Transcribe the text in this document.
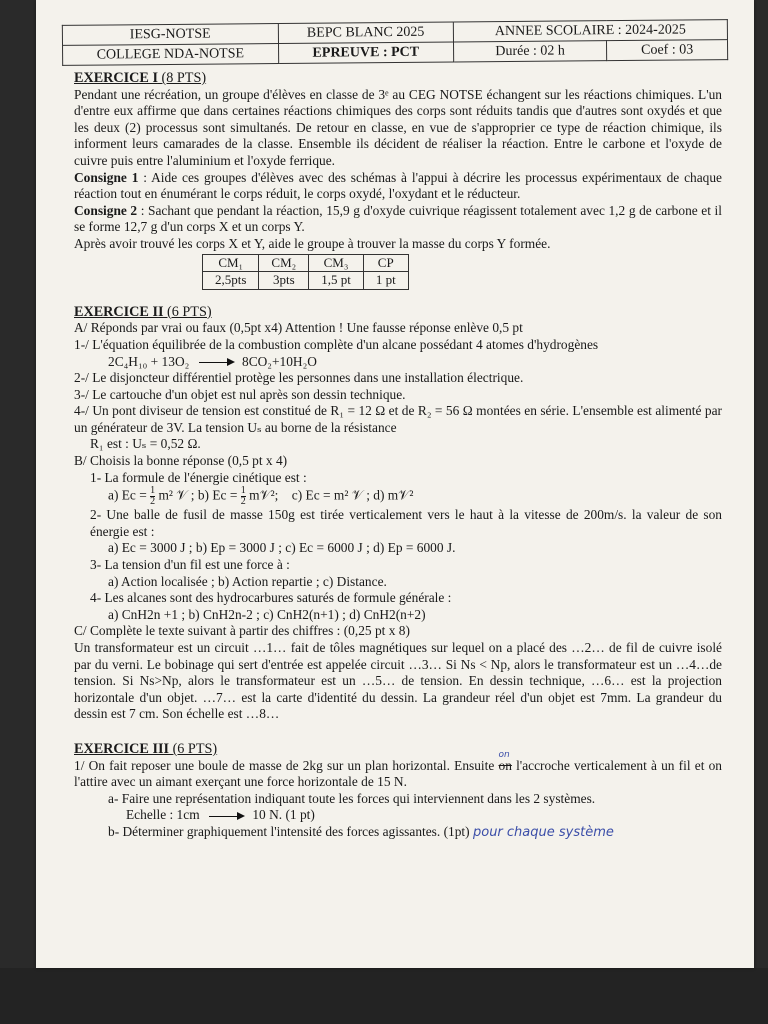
IESG-NOTSE	BEPC BLANC 2025	ANNEE SCOLAIRE : 2024-2025	
COLLEGE NDA-NOTSE	EPREUVE : PCT	Durée : 02 h	Coef : 03

EXERCICE I (8 PTS)

Pendant une récréation, un groupe d'élèves en classe de 3ᵉ au CEG NOTSE échangent sur les réactions chimiques. L'un d'entre eux affirme que dans certaines réactions chimiques des corps sont réduits tandis que d'autres sont oxydés et que les deux (2) processus sont simultanés. De retour en classe, en vue de s'approprier ce type de réaction chimique, ils informent leurs camarades de la classe. Ensemble ils décident de réaliser la réaction. Entre le carbone et l'oxyde de cuivre puis entre l'aluminium et l'oxyde ferrique.

Consigne 1 : Aide ces groupes d'élèves avec des schémas à l'appui à décrire les processus expérimentaux de chaque réaction tout en énumérant le corps réduit, le corps oxydé, l'oxydant et le réducteur.

Consigne 2 : Sachant que pendant la réaction, 15,9 g d'oxyde cuivrique réagissent totalement avec 1,2 g de carbone et il se forme 12,7 g d'un corps X et un corps Y.

Après avoir trouvé les corps X et Y, aide le groupe à trouver la masse du corps Y formée.

CM₁	CM₂	CM₃	CP
2,5pts	3pts	1,5 pt	1 pt

EXERCICE II (6 PTS)

A/ Réponds par vrai ou faux (0,5pt x4) Attention ! Une fausse réponse enlève 0,5 pt

1-/ L'équation équilibrée de la combustion complète d'un alcane possédant 4 atomes d'hydrogènes

2C₄H₁₀ + 13O₂ → 8CO₂+10H₂O

2-/ Le disjoncteur différentiel protège les personnes dans une installation électrique.

3-/ Le cartouche d'un objet est nul après son dessin technique.

4-/ Un pont diviseur de tension est constitué de R₁ = 12 Ω et de R₂ = 56 Ω montées en série. L'ensemble est alimenté par un générateur de 3V. La tension Uₛ au borne de la résistance

R₁ est : Uₛ = 0,52 Ω.

B/ Choisis la bonne réponse (0,5 pt x 4)

1- La formule de l'énergie cinétique est :

a) $Ec = \frac{1}{2} m^2$ 𝒱 ; b) $Ec = \frac{1}{2}$ m𝒱²; c) Ec = m² 𝒱 ; d) m𝒱²

2- Une balle de fusil de masse 150g est tirée verticalement vers le haut à la vitesse de 200m/s. la valeur de son énergie est :

a) Ec = 3000 J ; b) Ep = 3000 J ; c) Ec = 6000 J ; d) Ep = 6000 J.

3- La tension d'un fil est une force à :

a) Action localisée ; b) Action repartie ; c) Distance.

4- Les alcanes sont des hydrocarbures saturés de formule générale :

a) CnH2n +1 ; b) CnH2n-2 ; c) CnH2(n+1) ; d) CnH2(n+2)

C/ Complète le texte suivant à partir des chiffres : (0,25 pt x 8)

Un transformateur est un circuit …1… fait de tôles magnétiques sur lequel on a placé des …2… de fil de cuivre isolé par du verni. Le bobinage qui sert d'entrée est appelée circuit …3… Si Ns < Np, alors le transformateur est un …4…de tension. Si Ns>Np, alors le transformateur est un …5… de tension. En dessin technique, …6… est la projection horizontale d'un objet. …7… est la carte d'identité du dessin. La grandeur réel d'un objet est 7mm. La grandeur du dessin est 7 cm. Son échelle est …8…

EXERCICE III (6 PTS)

1/ On fait reposer une boule de masse de 2kg sur un plan horizontal. Ensuite
on
on l'accroche verticalement à un fil et on l'attire avec un aimant exerçant une force horizontale de 15 N.

a- Faire une représentation indiquant toute les forces qui interviennent dans les 2 systèmes.

Echelle : 1cm	10 N. (1 pt)

b- Déterminer graphiquement l'intensité des forces agissantes. (1pt) pour chaque système
